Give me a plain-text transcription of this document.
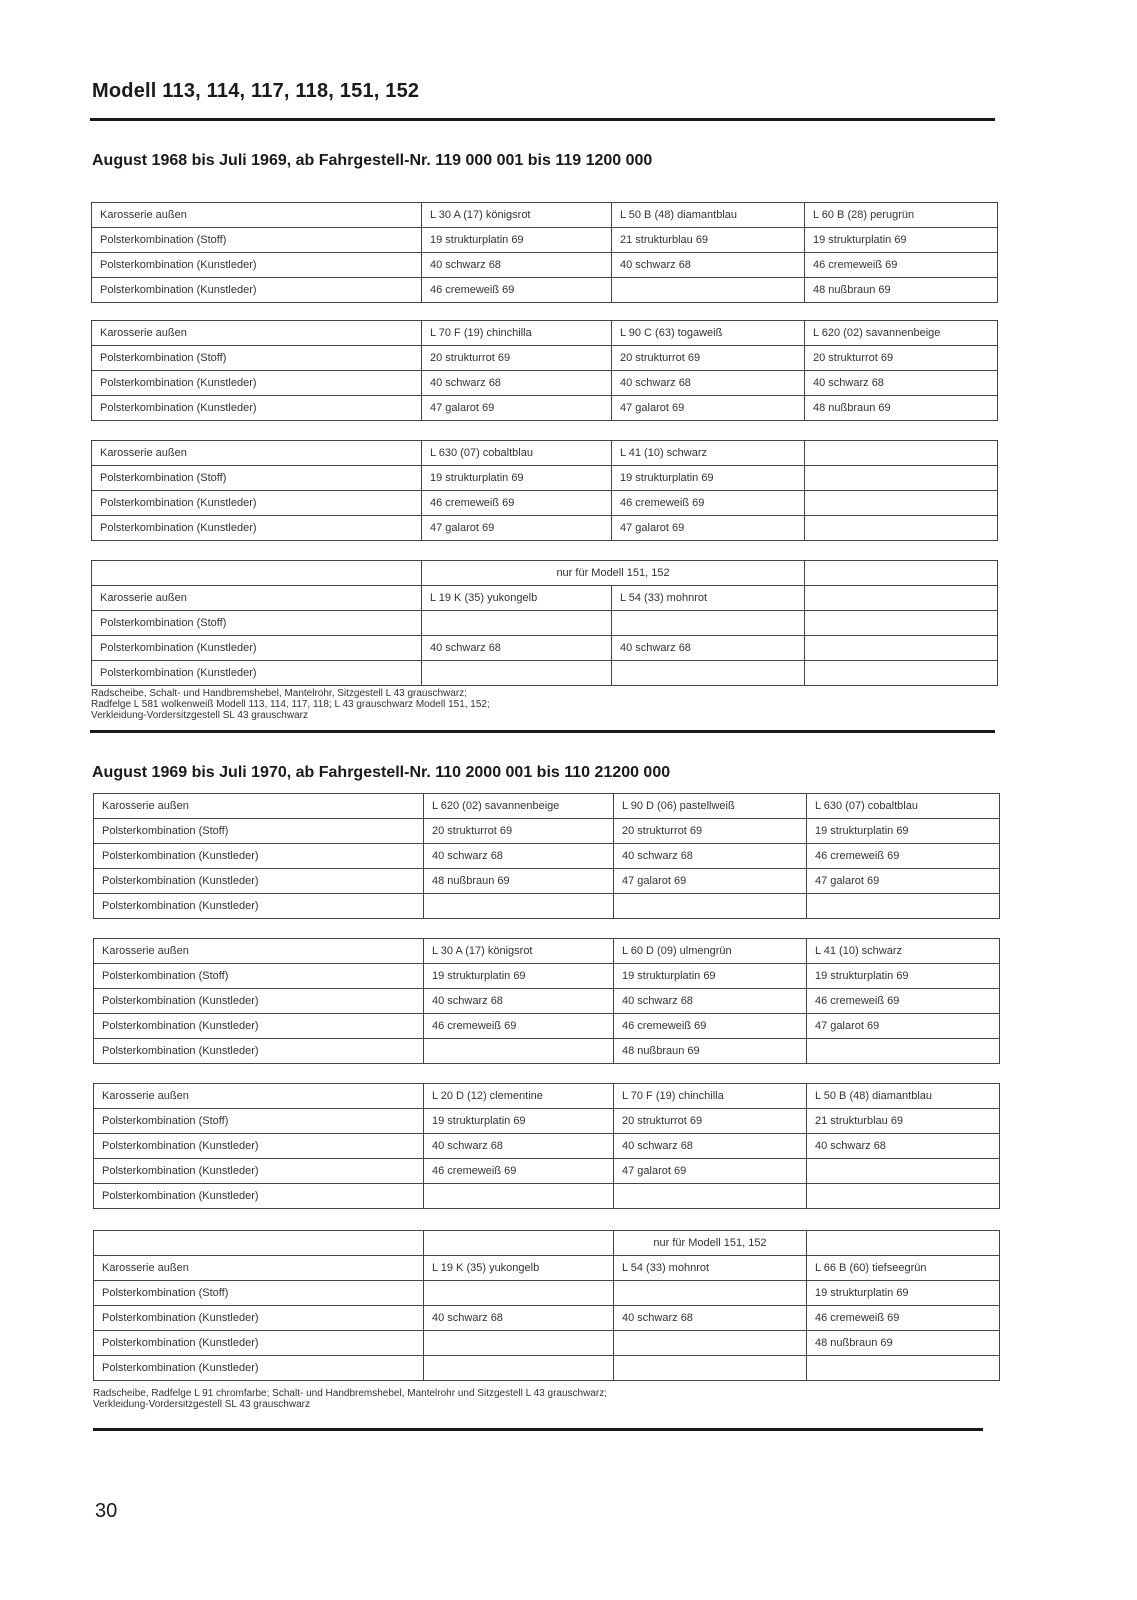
Modell 113, 114, 117, 118, 151, 152
August 1968 bis Juli 1969, ab Fahrgestell-Nr. 119 000 001 bis 119 1200 000
Karosserie außen	L 30 A (17) königsrot	L 50 B (48) diamantblau	L 60 B (28) perugrün
Polsterkombination (Stoff)	19 strukturplatin 69	21 strukturblau 69	19 strukturplatin 69
Polsterkombination (Kunstleder)	40 schwarz 68	40 schwarz 68	46 cremeweiß 69
Polsterkombination (Kunstleder)	46 cremeweiß 69		48 nußbraun 69
Karosserie außen	L 70 F (19) chinchilla	L 90 C (63) togaweiß	L 620 (02) savannenbeige
Polsterkombination (Stoff)	20 strukturrot 69	20 strukturrot 69	20 strukturrot 69
Polsterkombination (Kunstleder)	40 schwarz 68	40 schwarz 68	40 schwarz 68
Polsterkombination (Kunstleder)	47 galarot 69	47 galarot 69	48 nußbraun 69
Karosserie außen	L 630 (07) cobaltblau	L 41 (10) schwarz	
Polsterkombination (Stoff)	19 strukturplatin 69	19 strukturplatin 69	
Polsterkombination (Kunstleder)	46 cremeweiß 69	46 cremeweiß 69	
Polsterkombination (Kunstleder)	47 galarot 69	47 galarot 69	
	nur für Modell 151, 152		
Karosserie außen	L 19 K (35) yukongelb	L 54 (33) mohnrot	
Polsterkombination (Stoff)			
Polsterkombination (Kunstleder)	40 schwarz 68	40 schwarz 68	
Polsterkombination (Kunstleder)			
Radscheibe, Schalt- und Handbremshebel, Mantelrohr, Sitzgestell L 43 grauschwarz;
Radfelge L 581 wolkenweiß Modell 113, 114, 117, 118; L 43 grauschwarz Modell 151, 152;
Verkleidung-Vordersitzgestell SL 43 grauschwarz
August 1969 bis Juli 1970, ab Fahrgestell-Nr. 110 2000 001 bis 110 21200 000
Karosserie außen	L 620 (02) savannenbeige	L 90 D (06) pastellweiß	L 630 (07) cobaltblau
Polsterkombination (Stoff)	20 strukturrot 69	20 strukturrot 69	19 strukturplatin 69
Polsterkombination (Kunstleder)	40 schwarz 68	40 schwarz 68	46 cremeweiß 69
Polsterkombination (Kunstleder)	48 nußbraun 69	47 galarot 69	47 galarot 69
Polsterkombination (Kunstleder)			
Karosserie außen	L 30 A (17) königsrot	L 60 D (09) ulmengrün	L 41 (10) schwarz
Polsterkombination (Stoff)	19 strukturplatin 69	19 strukturplatin 69	19 strukturplatin 69
Polsterkombination (Kunstleder)	40 schwarz 68	40 schwarz 68	46 cremeweiß 69
Polsterkombination (Kunstleder)	46 cremeweiß 69	46 cremeweiß 69	47 galarot 69
Polsterkombination (Kunstleder)		48 nußbraun 69	
Karosserie außen	L 20 D (12) clementine	L 70 F (19) chinchilla	L 50 B (48) diamantblau
Polsterkombination (Stoff)	19 strukturplatin 69	20 strukturrot 69	21 strukturblau 69
Polsterkombination (Kunstleder)	40 schwarz 68	40 schwarz 68	40 schwarz 68
Polsterkombination (Kunstleder)	46 cremeweiß 69	47 galarot 69	
Polsterkombination (Kunstleder)			
		nur für Modell 151, 152	
Karosserie außen	L 19 K (35) yukongelb	L 54 (33) mohnrot	L 66 B (60) tiefseegrün
Polsterkombination (Stoff)			19 strukturplatin 69
Polsterkombination (Kunstleder)	40 schwarz 68	40 schwarz 68	46 cremeweiß 69
Polsterkombination (Kunstleder)			48 nußbraun 69
Polsterkombination (Kunstleder)			
Radscheibe, Radfelge L 91 chromfarbe; Schalt- und Handbremshebel, Mantelrohr und Sitzgestell L 43 grauschwarz;
Verkleidung-Vordersitzgestell SL 43 grauschwarz
30
